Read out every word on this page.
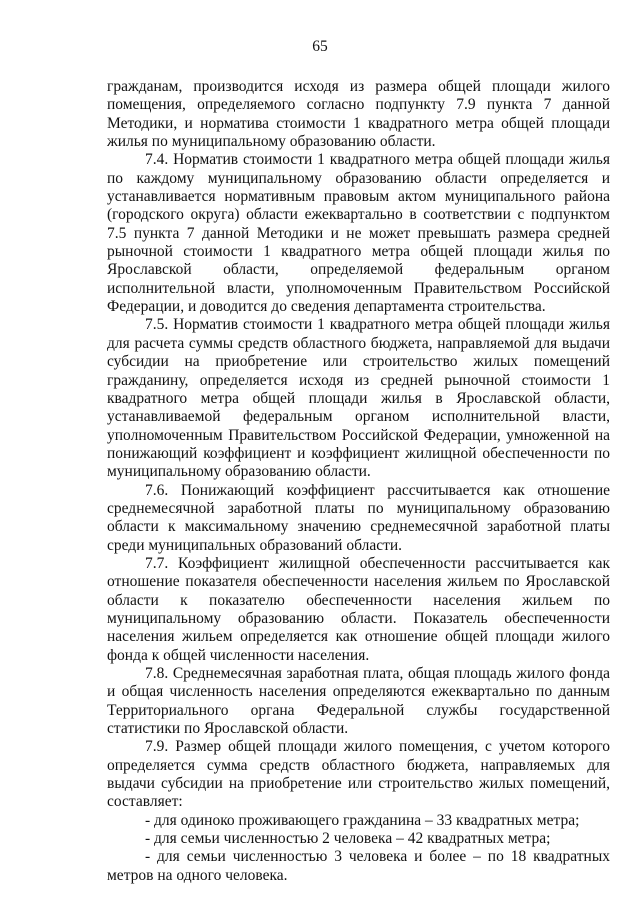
65

гражданам, производится исходя из размера общей площади жилого помещения, определяемого согласно подпункту 7.9 пункта 7 данной Методики, и норматива стоимости 1 квадратного метра общей площади жилья по муниципальному образованию области.

7.4. Норматив стоимости 1 квадратного метра общей площади жилья по каждому муниципальному образованию области определяется и устанавливается нормативным правовым актом муниципального района (городского округа) области ежеквартально в соответствии с подпунктом 7.5 пункта 7 данной Методики и не может превышать размера средней рыночной стоимости 1 квадратного метра общей площади жилья по Ярославской области, определяемой федеральным органом исполнительной власти, уполномоченным Правительством Российской Федерации, и доводится до сведения департамента строительства.

7.5. Норматив стоимости 1 квадратного метра общей площади жилья для расчета суммы средств областного бюджета, направляемой для выдачи субсидии на приобретение или строительство жилых помещений гражданину, определяется исходя из средней рыночной стоимости 1 квадратного метра общей площади жилья в Ярославской области, устанавливаемой федеральным органом исполнительной власти, уполномоченным Правительством Российской Федерации, умноженной на понижающий коэффициент и коэффициент жилищной обеспеченности по муниципальному образованию области.

7.6. Понижающий коэффициент рассчитывается как отношение среднемесячной заработной платы по муниципальному образованию области к максимальному значению среднемесячной заработной платы среди муниципальных образований области.

7.7. Коэффициент жилищной обеспеченности рассчитывается как отношение показателя обеспеченности населения жильем по Ярославской области к показателю обеспеченности населения жильем по муниципальному образованию области. Показатель обеспеченности населения жильем определяется как отношение общей площади жилого фонда к общей численности населения.

7.8. Среднемесячная заработная плата, общая площадь жилого фонда и общая численность населения определяются ежеквартально по данным Территориального органа Федеральной службы государственной статистики по Ярославской области.

7.9. Размер общей площади жилого помещения, с учетом которого определяется сумма средств областного бюджета, направляемых для выдачи субсидии на приобретение или строительство жилых помещений, составляет:

- для одиноко проживающего гражданина – 33 квадратных метра;

- для семьи численностью 2 человека – 42 квадратных метра;

- для семьи численностью 3 человека и более – по 18 квадратных метров на одного человека.
